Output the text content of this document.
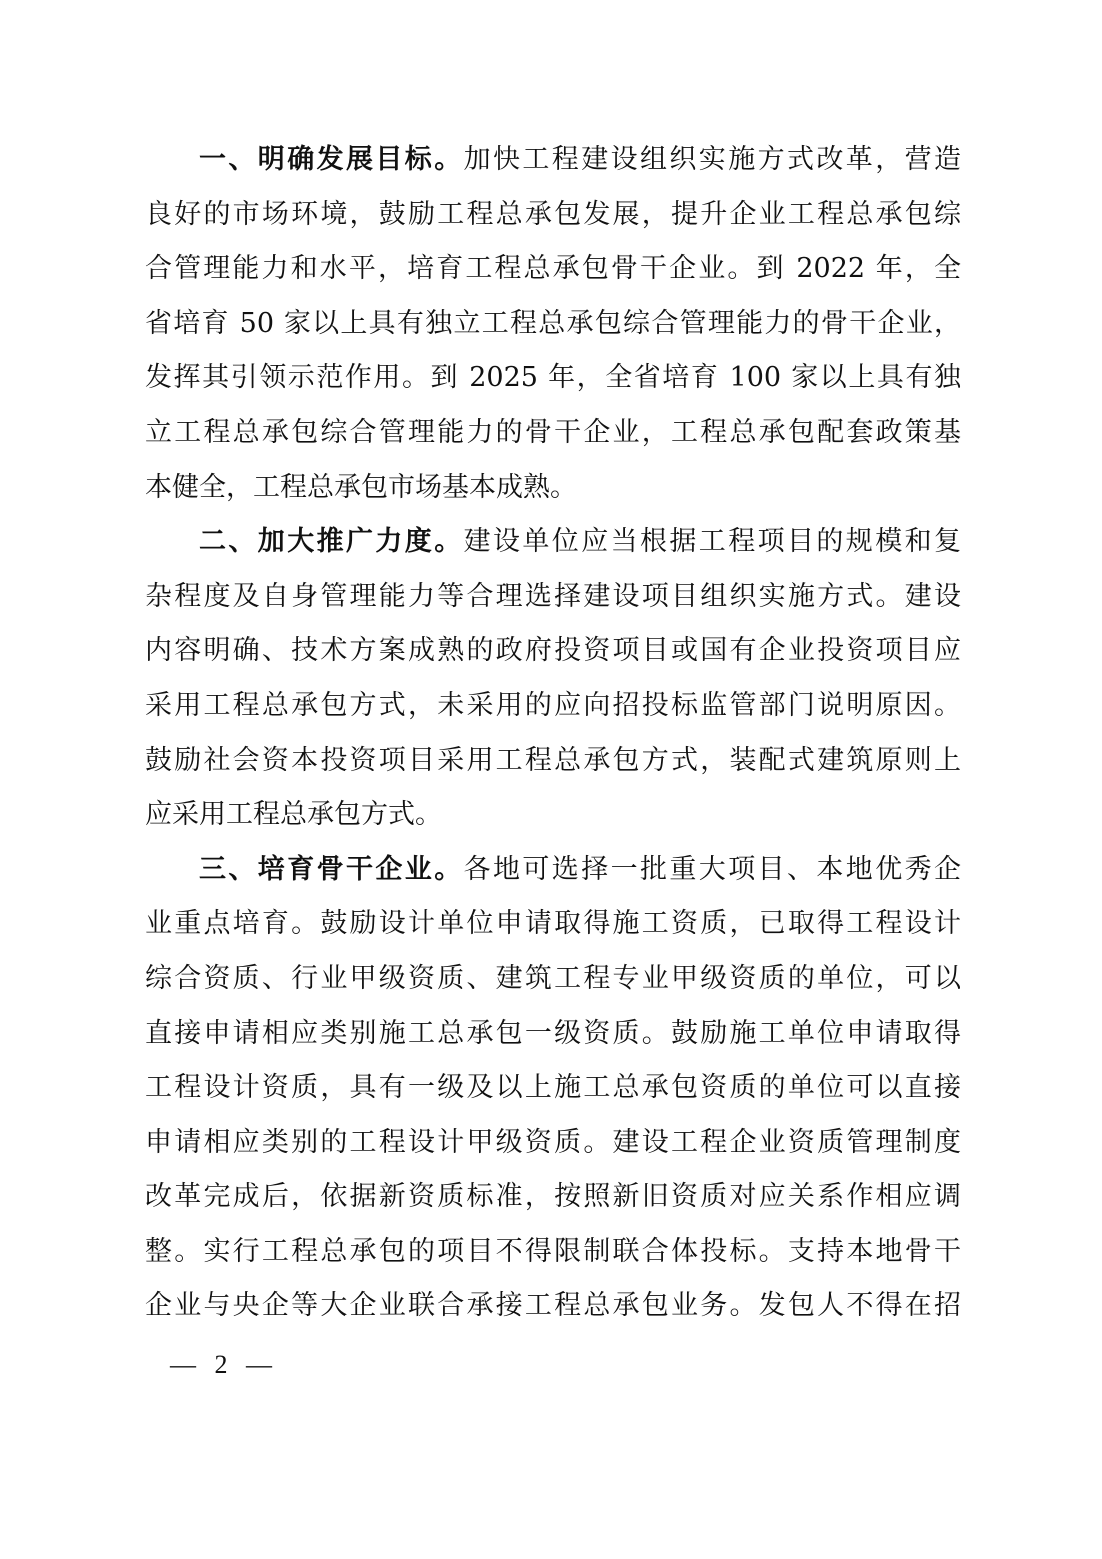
一、明确发展目标。加快工程建设组织实施方式改革，营造
良好的市场环境，鼓励工程总承包发展，提升企业工程总承包综
合管理能力和水平，培育工程总承包骨干企业。到 2022 年，全
省培育 50 家以上具有独立工程总承包综合管理能力的骨干企业，
发挥其引领示范作用。到 2025 年，全省培育 100 家以上具有独
立工程总承包综合管理能力的骨干企业，工程总承包配套政策基
本健全，工程总承包市场基本成熟。
二、加大推广力度。建设单位应当根据工程项目的规模和复
杂程度及自身管理能力等合理选择建设项目组织实施方式。建设
内容明确、技术方案成熟的政府投资项目或国有企业投资项目应
采用工程总承包方式，未采用的应向招投标监管部门说明原因。
鼓励社会资本投资项目采用工程总承包方式，装配式建筑原则上
应采用工程总承包方式。
三、培育骨干企业。各地可选择一批重大项目、本地优秀企
业重点培育。鼓励设计单位申请取得施工资质，已取得工程设计
综合资质、行业甲级资质、建筑工程专业甲级资质的单位，可以
直接申请相应类别施工总承包一级资质。鼓励施工单位申请取得
工程设计资质，具有一级及以上施工总承包资质的单位可以直接
申请相应类别的工程设计甲级资质。建设工程企业资质管理制度
改革完成后，依据新资质标准，按照新旧资质对应关系作相应调
整。实行工程总承包的项目不得限制联合体投标。支持本地骨干
企业与央企等大企业联合承接工程总承包业务。发包人不得在招
— 2 —
